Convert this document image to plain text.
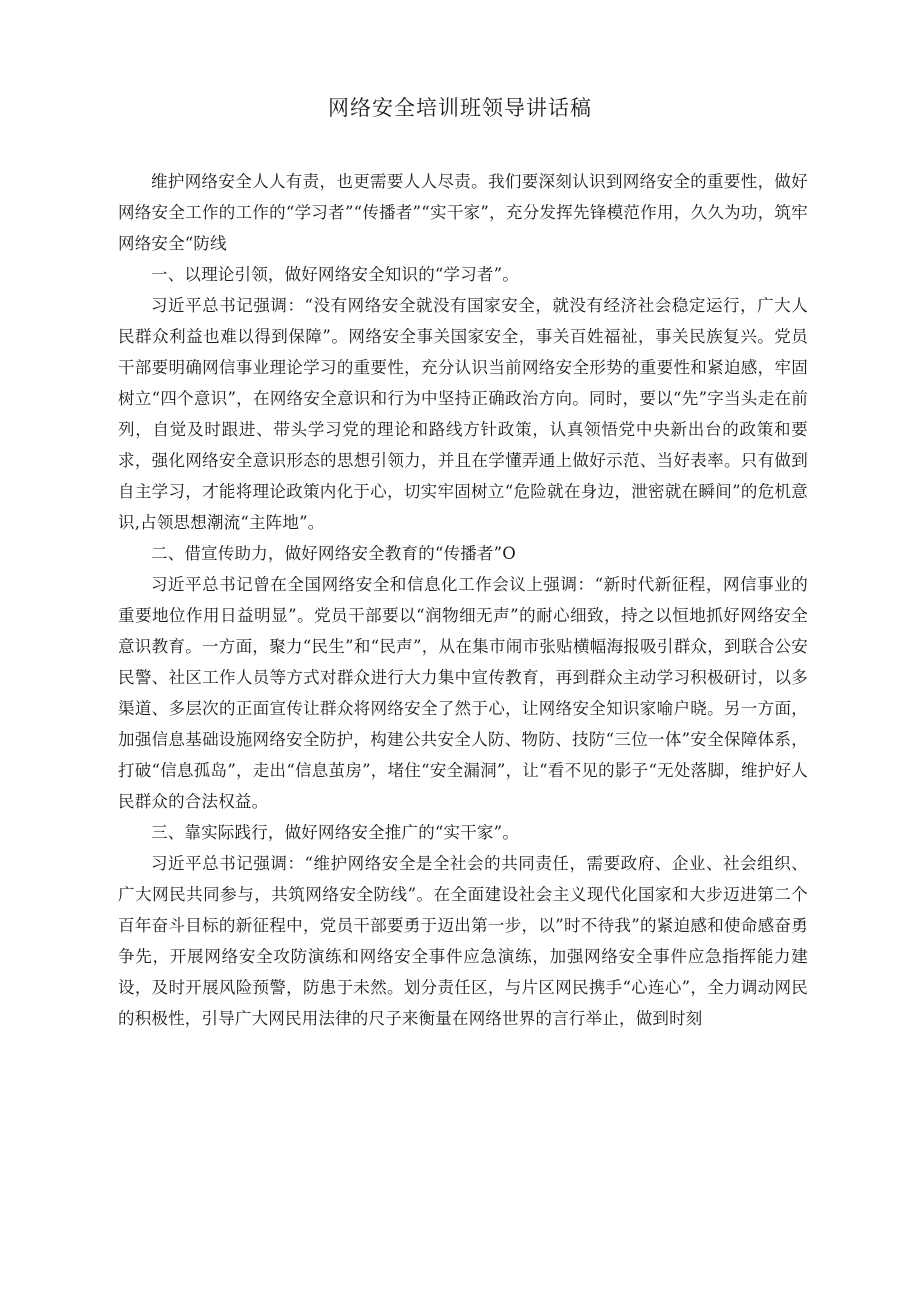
网络安全培训班领导讲话稿

维护网络安全人人有责，也更需要人人尽责。我们要深刻认识到网络安全的重要性，做好网络安全工作的工作的“学习者”“传播者”“实干家”，充分发挥先锋模范作用，久久为功，筑牢网络安全“防线

一、以理论引领，做好网络安全知识的“学习者”。

习近平总书记强调：“没有网络安全就没有国家安全，就没有经济社会稳定运行，广大人民群众利益也难以得到保障”。网络安全事关国家安全，事关百姓福祉，事关民族复兴。党员干部要明确网信事业理论学习的重要性，充分认识当前网络安全形势的重要性和紧迫感，牢固树立“四个意识”，在网络安全意识和行为中坚持正确政治方向。同时，要以“先”字当头走在前列，自觉及时跟进、带头学习党的理论和路线方针政策，认真领悟党中央新出台的政策和要求，强化网络安全意识形态的思想引领力，并且在学懂弄通上做好示范、当好表率。只有做到自主学习，才能将理论政策内化于心，切实牢固树立“危险就在身边，泄密就在瞬间”的危机意识,占领思想潮流“主阵地”。

二、借宣传助力，做好网络安全教育的“传播者”O

习近平总书记曾在全国网络安全和信息化工作会议上强调：“新时代新征程，网信事业的重要地位作用日益明显”。党员干部要以“润物细无声”的耐心细致，持之以恒地抓好网络安全意识教育。一方面，聚力“民生”和“民声”，从在集市闹市张贴横幅海报吸引群众，到联合公安民警、社区工作人员等方式对群众进行大力集中宣传教育，再到群众主动学习积极研讨，以多渠道、多层次的正面宣传让群众将网络安全了然于心，让网络安全知识家喻户晓。另一方面，加强信息基础设施网络安全防护，构建公共安全人防、物防、技防“三位一体”安全保障体系，打破“信息孤岛”，走出“信息茧房”，堵住“安全漏洞”，让“看不见的影子“无处落脚，维护好人民群众的合法权益。

三、靠实际践行，做好网络安全推广的“实干家”。

习近平总书记强调：“维护网络安全是全社会的共同责任，需要政府、企业、社会组织、广大网民共同参与，共筑网络安全防线”。在全面建设社会主义现代化国家和大步迈进第二个百年奋斗目标的新征程中，党员干部要勇于迈出第一步，以”时不待我”的紧迫感和使命感奋勇争先，开展网络安全攻防演练和网络安全事件应急演练，加强网络安全事件应急指挥能力建设，及时开展风险预警，防患于未然。划分责任区，与片区网民携手“心连心”，全力调动网民的积极性，引导广大网民用法律的尺子来衡量在网络世界的言行举止，做到时刻
